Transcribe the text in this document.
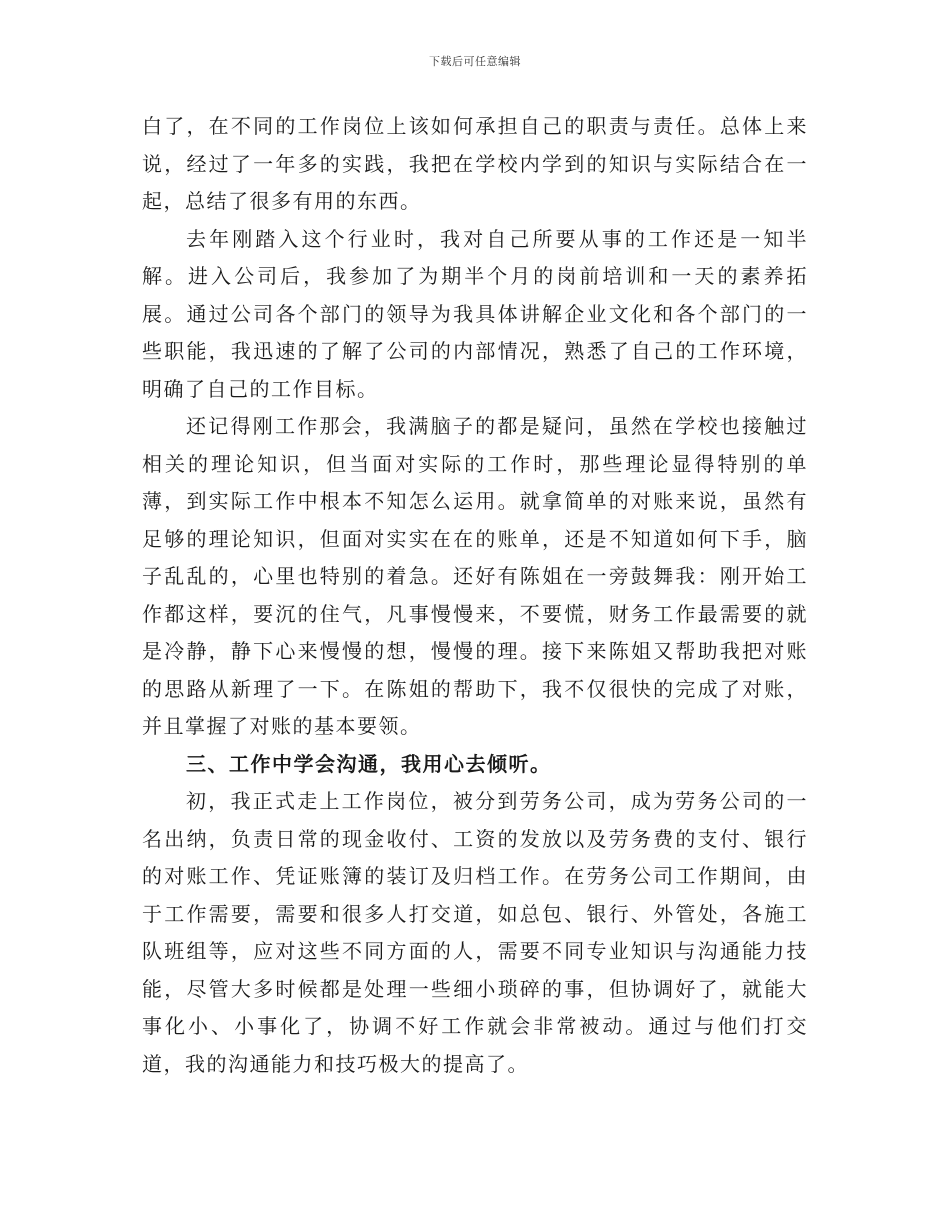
下载后可任意编辑

白了，在不同的工作岗位上该如何承担自己的职责与责任。总体上来说，经过了一年多的实践，我把在学校内学到的知识与实际结合在一起，总结了很多有用的东西。

去年刚踏入这个行业时，我对自己所要从事的工作还是一知半解。进入公司后，我参加了为期半个月的岗前培训和一天的素养拓展。通过公司各个部门的领导为我具体讲解企业文化和各个部门的一些职能，我迅速的了解了公司的内部情况，熟悉了自己的工作环境，明确了自己的工作目标。

还记得刚工作那会，我满脑子的都是疑问，虽然在学校也接触过相关的理论知识，但当面对实际的工作时，那些理论显得特别的单薄，到实际工作中根本不知怎么运用。就拿简单的对账来说，虽然有足够的理论知识，但面对实实在在的账单，还是不知道如何下手，脑子乱乱的，心里也特别的着急。还好有陈姐在一旁鼓舞我：刚开始工作都这样，要沉的住气，凡事慢慢来，不要慌，财务工作最需要的就是冷静，静下心来慢慢的想，慢慢的理。接下来陈姐又帮助我把对账的思路从新理了一下。在陈姐的帮助下，我不仅很快的完成了对账，并且掌握了对账的基本要领。

三、工作中学会沟通，我用心去倾听。

初，我正式走上工作岗位，被分到劳务公司，成为劳务公司的一名出纳，负责日常的现金收付、工资的发放以及劳务费的支付、银行的对账工作、凭证账簿的装订及归档工作。在劳务公司工作期间，由于工作需要，需要和很多人打交道，如总包、银行、外管处，各施工队班组等，应对这些不同方面的人，需要不同专业知识与沟通能力技能，尽管大多时候都是处理一些细小琐碎的事，但协调好了，就能大事化小、小事化了，协调不好工作就会非常被动。通过与他们打交道，我的沟通能力和技巧极大的提高了。
